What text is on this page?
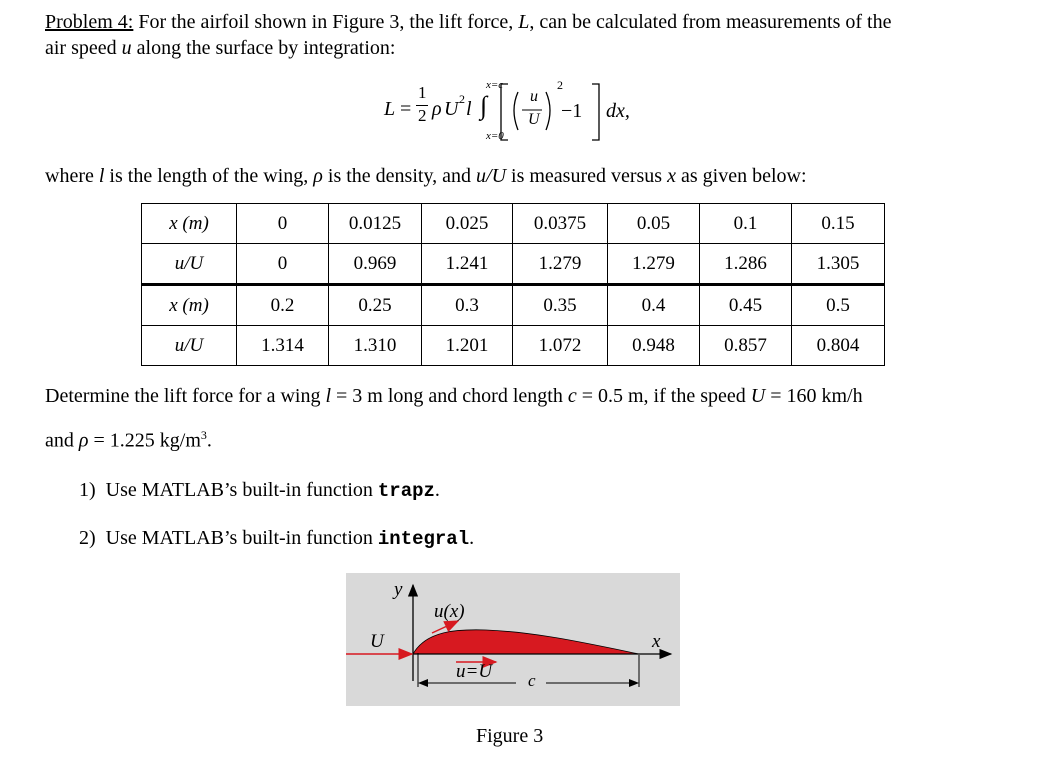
Problem 4: For the airfoil shown in Figure 3, the lift force, L, can be calculated from measurements of the
air speed u along the surface by integration:
L =
1
2 ρ U 2 l
x=c
∫
x=0
u
U
2
−1 dx,
where l is the length of the wing, ρ is the density, and u/U is measured versus x as given below:
x (m)	0	0.0125	0.025	0.0375	0.05	0.1	0.15
u/U	0	0.969	1.241	1.279	1.279	1.286	1.305
x (m)	0.2	0.25	0.3	0.35	0.4	0.45	0.5
u/U	1.314	1.310	1.201	1.072	0.948	0.857	0.804
Determine the lift force for a wing l = 3 m long and chord length c = 0.5 m, if the speed U = 160 km/h
and ρ = 1.225 $kg/m^3$.
1) Use MATLAB’s built-in function trapz.
2) Use MATLAB’s built-in function integral.
y
U
u(x)
x
u=U c
Figure 3
